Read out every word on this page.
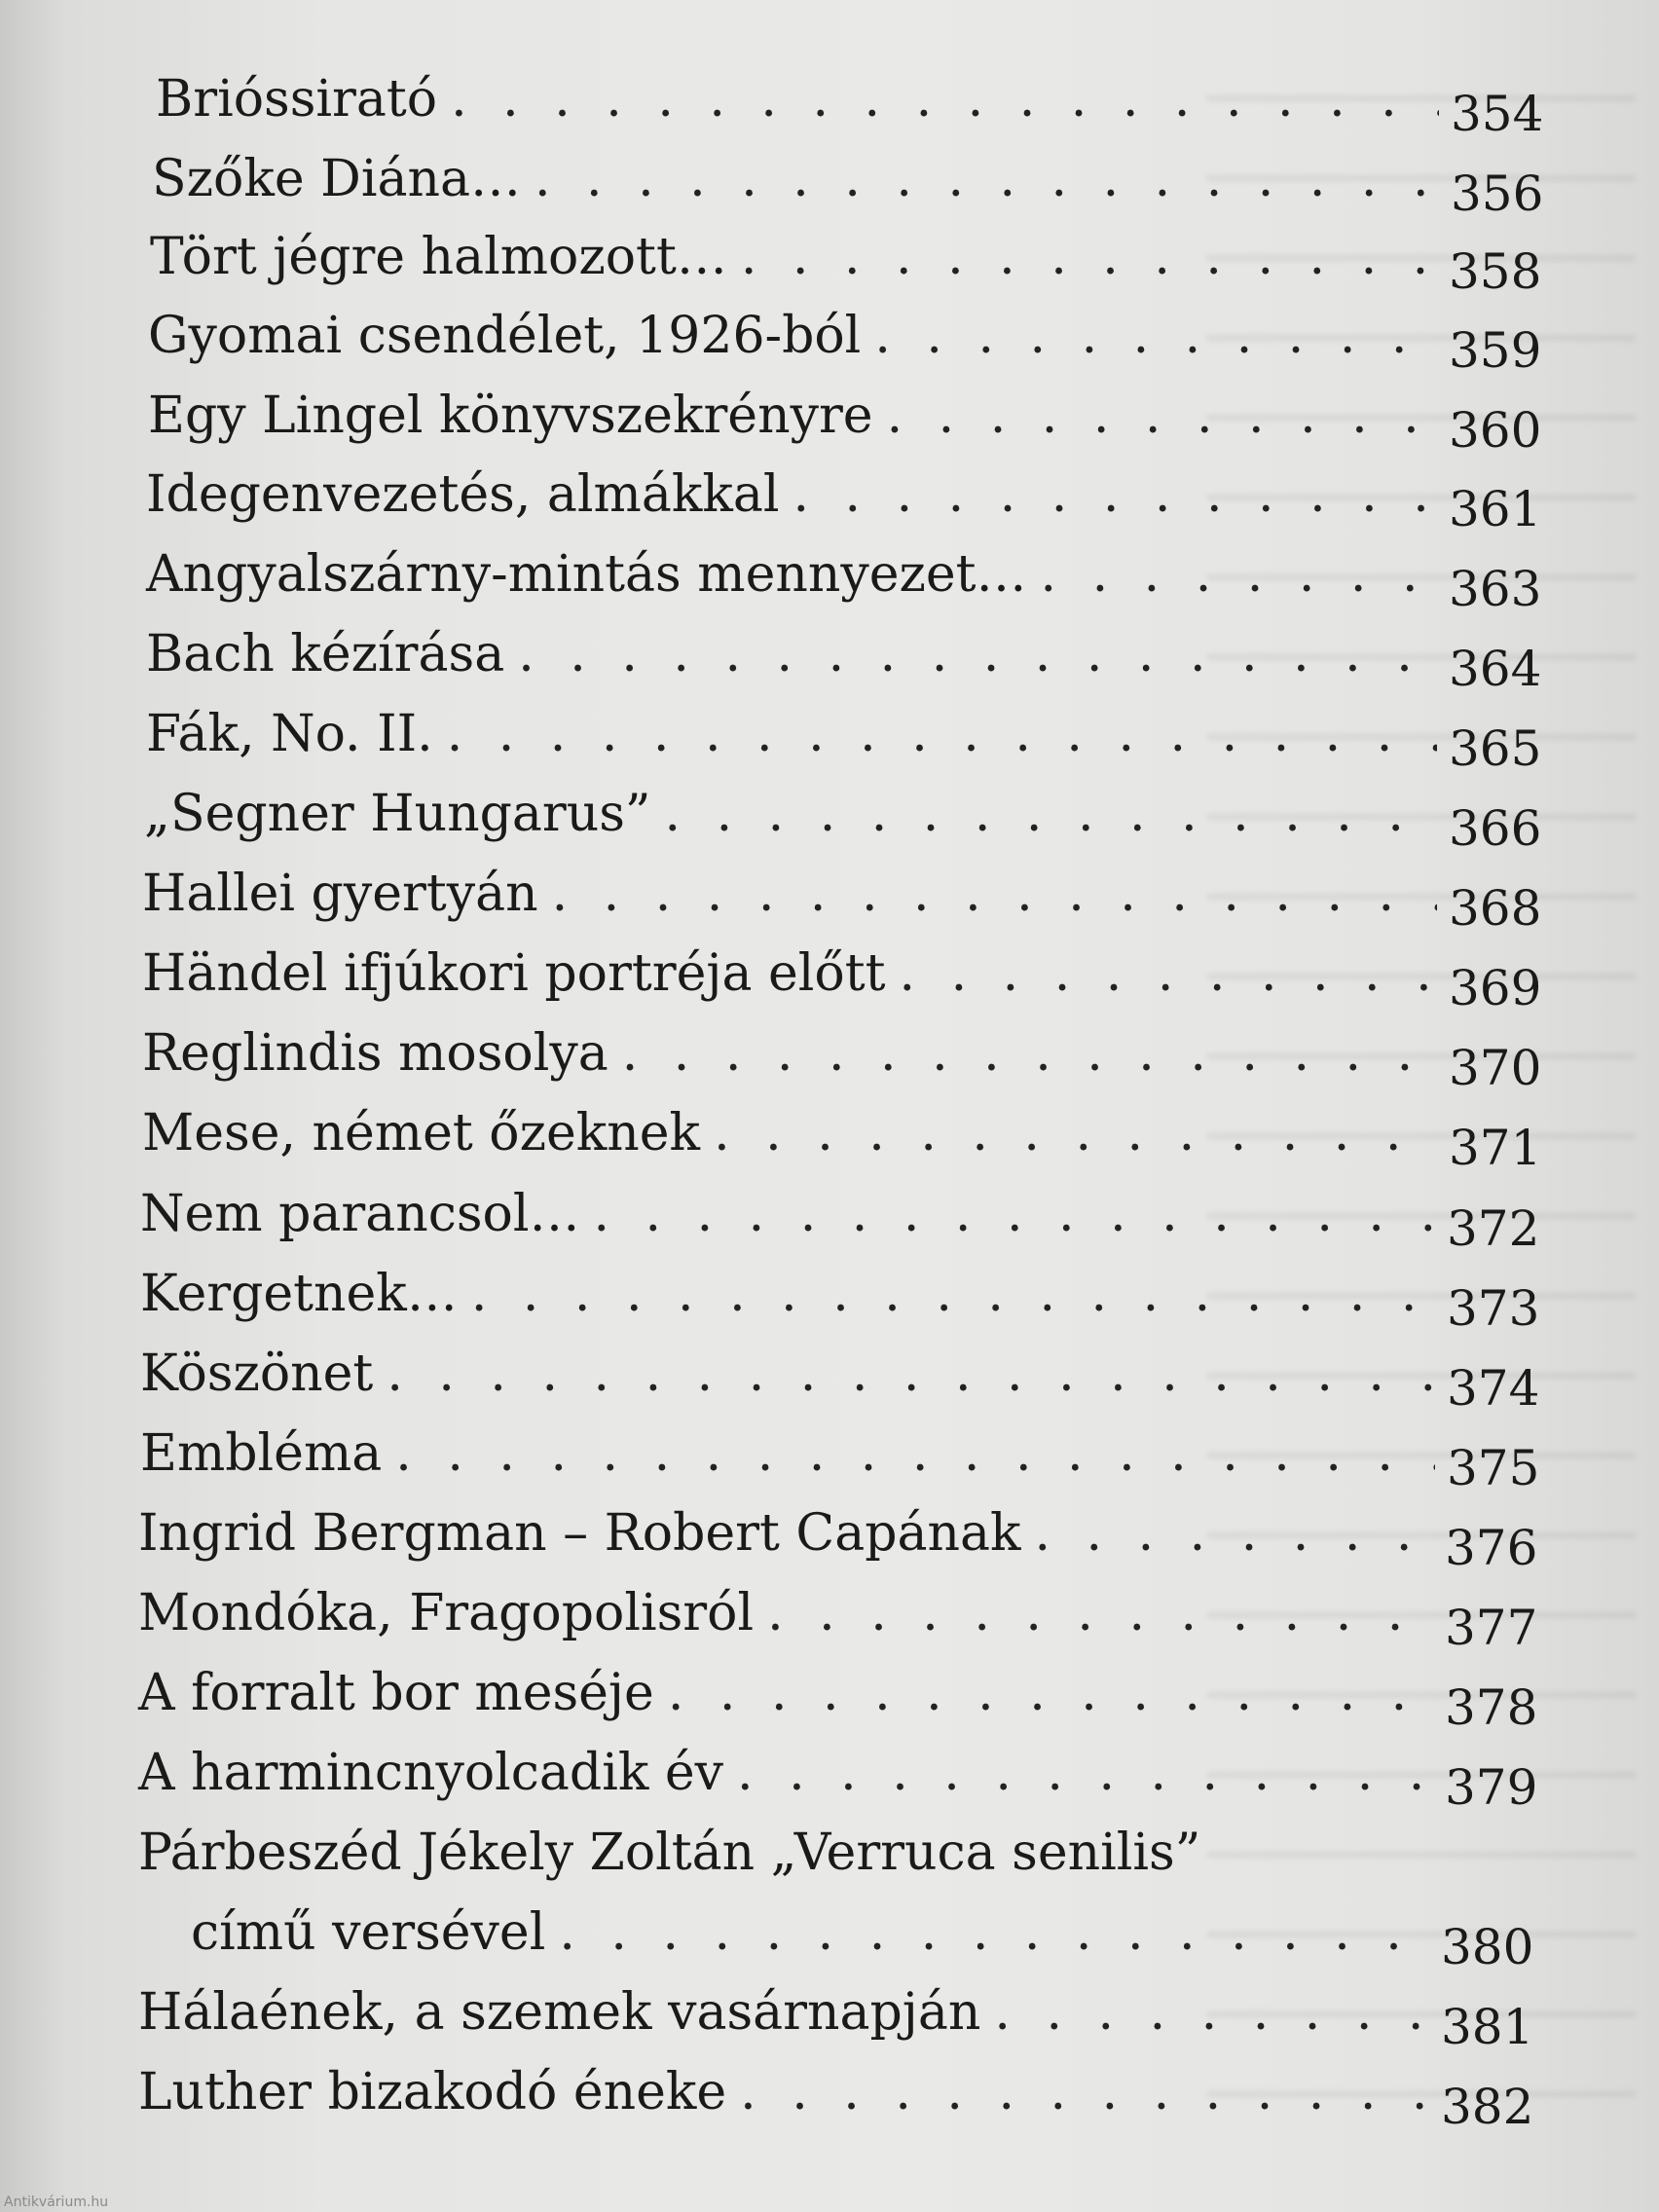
Brióssirató . . .	354
Szőke Diána… . . .	356
Tört jégre halmozott… . . .	358
Gyomai csendélet, 1926-ból . . .	359
Egy Lingel könyvszekrényre . . .	360
Idegenvezetés, almákkal . . .	361
Angyalszárny-mintás mennyezet… . . .	363
Bach kézírása . . .	364
Fák, No. II. . . .	365
„Segner Hungarus” . . .	366
Hallei gyertyán . . .	368
Händel ifjúkori portréja előtt . . .	369
Reglindis mosolya . . .	370
Mese, német őzeknek . . .	371
Nem parancsol… . . .	372
Kergetnek… . . .	373
Köszönet . . .	374
Embléma . . .	375
Ingrid Bergman – Robert Capának . . .	376
Mondóka, Fragopolisról . . .	377
A forralt bor meséje . . .	378
A harmincnyolcadik év . . .	379
Párbeszéd Jékely Zoltán „Verruca senilis”
című versével . . .	380
Hálaének, a szemek vasárnapján . . .	381
Luther bizakodó éneke . . .	382
Antikvárium.hu
